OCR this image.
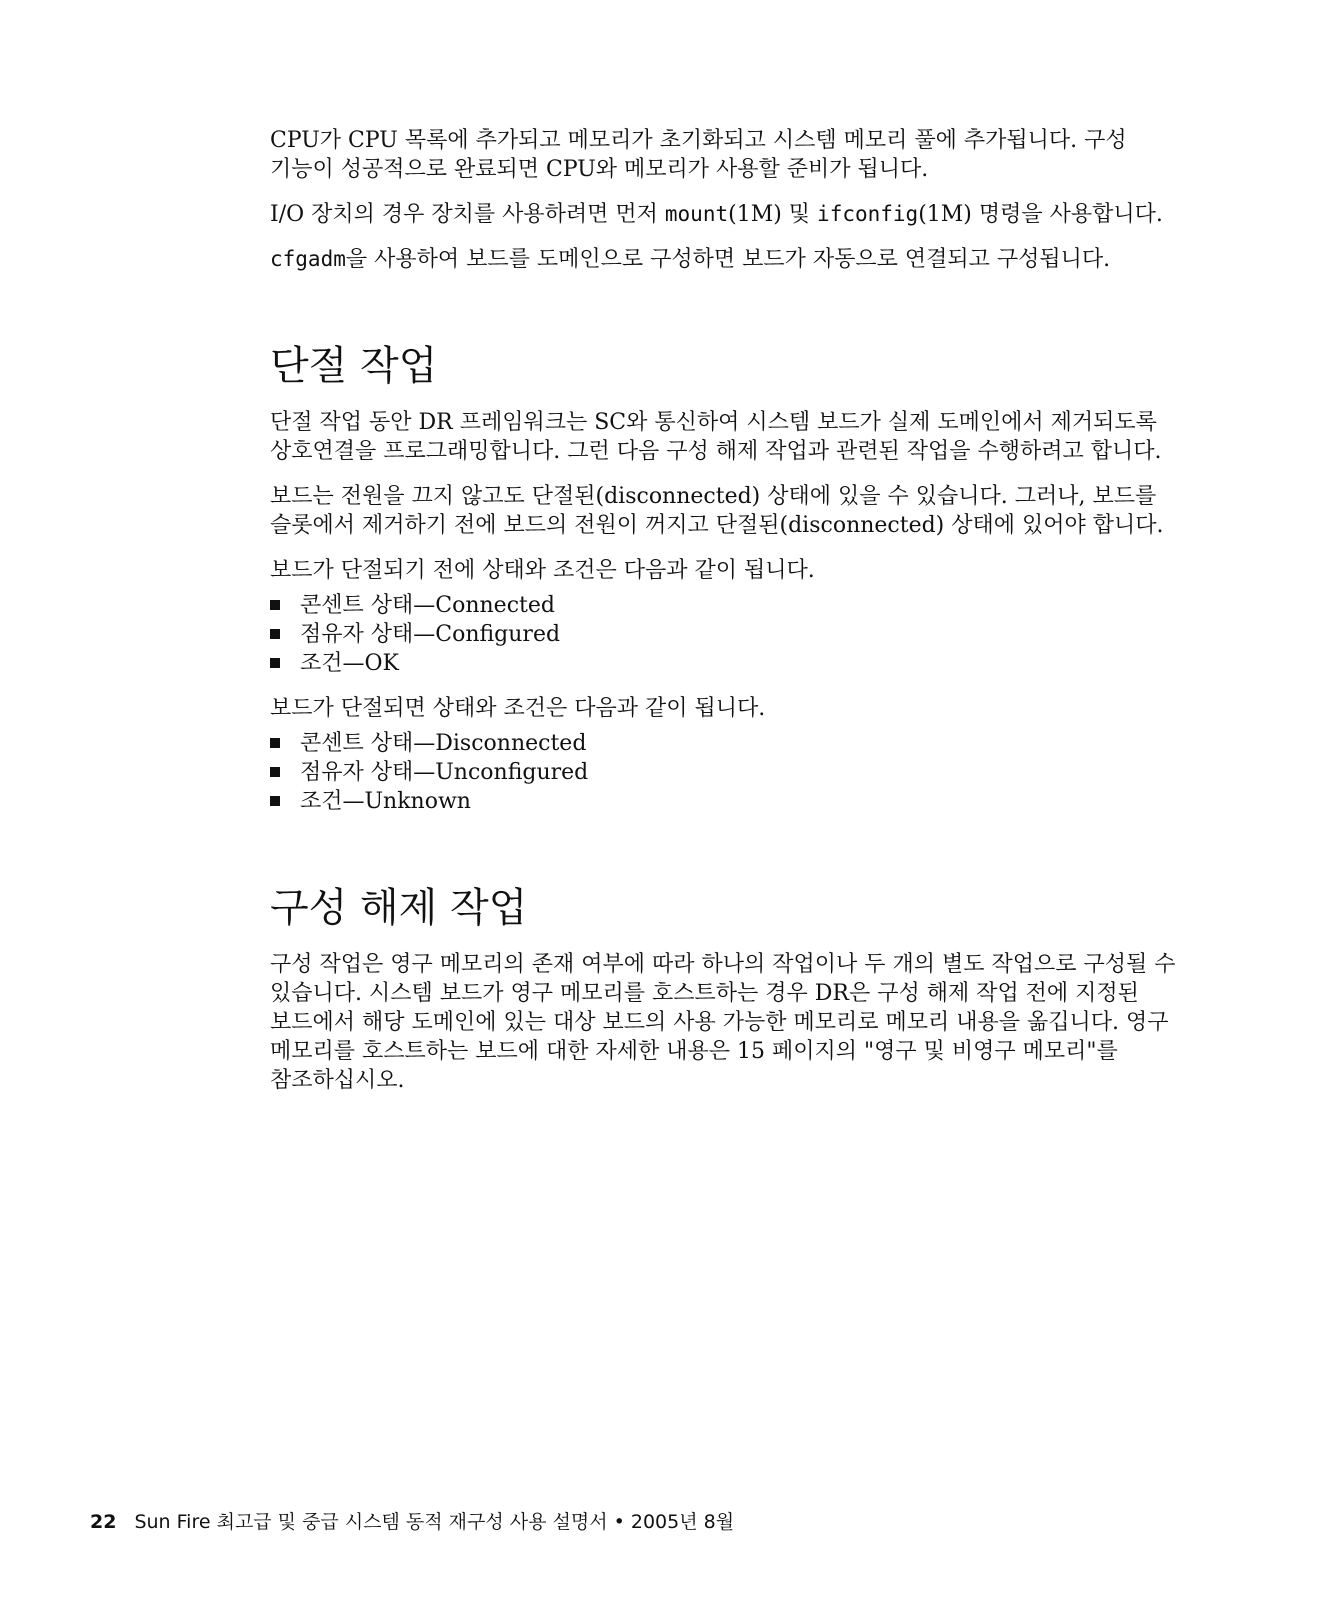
CPU가 CPU 목록에 추가되고 메모리가 초기화되고 시스템 메모리 풀에 추가됩니다. 구성 기능이 성공적으로 완료되면 CPU와 메모리가 사용할 준비가 됩니다.

I/O 장치의 경우 장치를 사용하려면 먼저 mount(1M) 및 ifconfig(1M) 명령을 사용합니다.

cfgadm을 사용하여 보드를 도메인으로 구성하면 보드가 자동으로 연결되고 구성됩니다.

단절 작업

단절 작업 동안 DR 프레임워크는 SC와 통신하여 시스템 보드가 실제 도메인에서 제거되도록 상호연결을 프로그래밍합니다. 그런 다음 구성 해제 작업과 관련된 작업을 수행하려고 합니다.

보드는 전원을 끄지 않고도 단절된(disconnected) 상태에 있을 수 있습니다. 그러나, 보드를 슬롯에서 제거하기 전에 보드의 전원이 꺼지고 단절된(disconnected) 상태에 있어야 합니다.

보드가 단절되기 전에 상태와 조건은 다음과 같이 됩니다.

콘센트 상태—Connected
점유자 상태—Configured
조건—OK

보드가 단절되면 상태와 조건은 다음과 같이 됩니다.

콘센트 상태—Disconnected
점유자 상태—Unconfigured
조건—Unknown
구성 해제 작업

구성 작업은 영구 메모리의 존재 여부에 따라 하나의 작업이나 두 개의 별도 작업으로 구성될 수 있습니다. 시스템 보드가 영구 메모리를 호스트하는 경우 DR은 구성 해제 작업 전에 지정된 보드에서 해당 도메인에 있는 대상 보드의 사용 가능한 메모리로 메모리 내용을 옮깁니다. 영구 메모리를 호스트하는 보드에 대한 자세한 내용은 15 페이지의 "영구 및 비영구 메모리"를 참조하십시오.

22 Sun Fire 최고급 및 중급 시스템 동적 재구성 사용 설명서 • 2005년 8월
